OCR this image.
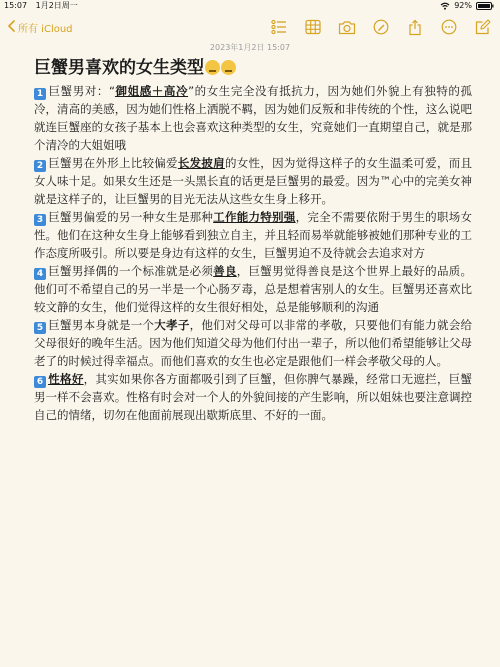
15:07 1月2日周一	92%
所有 iCloud
2023年1月2日 15:07
巨蟹男喜欢的女生类型

1 巨蟹男对：“御姐感＋高冷”的女生完全没有抵抗力，因为她们外貌上有独特的孤冷，清高的美感，因为她们性格上洒脱不羁，因为她们反叛和非传统的个性，这么说吧就连巨蟹座的女孩子基本上也会喜欢这种类型的女生，究竟她们一直期望自己，就是那个清冷的大姐姐哦

2 巨蟹男在外形上比较偏爱长发披肩的女性，因为觉得这样子的女生温柔可爱，而且女人味十足。如果女生还是一头黑长直的话更是巨蟹男的最爱。因为™心中的完美女神就是这样子的，让巨蟹男的目光无法从这些女生身上移开。

3 巨蟹男偏爱的另一种女生是那种工作能力特别强，完全不需要依附于男生的职场女性。他们在这种女生身上能够看到独立自主，并且轻而易举就能够被她们那种专业的工作态度所吸引。所以要是身边有这样的女生，巨蟹男迫不及待就会去追求对方

4 巨蟹男择偶的一个标准就是必须善良，巨蟹男觉得善良是这个世界上最好的品质。他们可不希望自己的另一半是一个心肠歹毒，总是想着害别人的女生。巨蟹男还喜欢比较文静的女生，他们觉得这样的女生很好相处，总是能够顺利的沟通

5 巨蟹男本身就是一个大孝子，他们对父母可以非常的孝敬，只要他们有能力就会给父母很好的晚年生活。因为他们知道父母为他们付出一辈子，所以他们希望能够让父母老了的时候过得幸福点。而他们喜欢的女生也必定是跟他们一样会孝敬父母的人。

6 性格好，其实如果你各方面都吸引到了巨蟹，但你脾气暴躁，经常口无遮拦，巨蟹男一样不会喜欢。性格有时会对一个人的外貌间接的产生影响，所以姐妹也要注意调控自己的情绪，切勿在他面前展现出歇斯底里、不好的一面。
